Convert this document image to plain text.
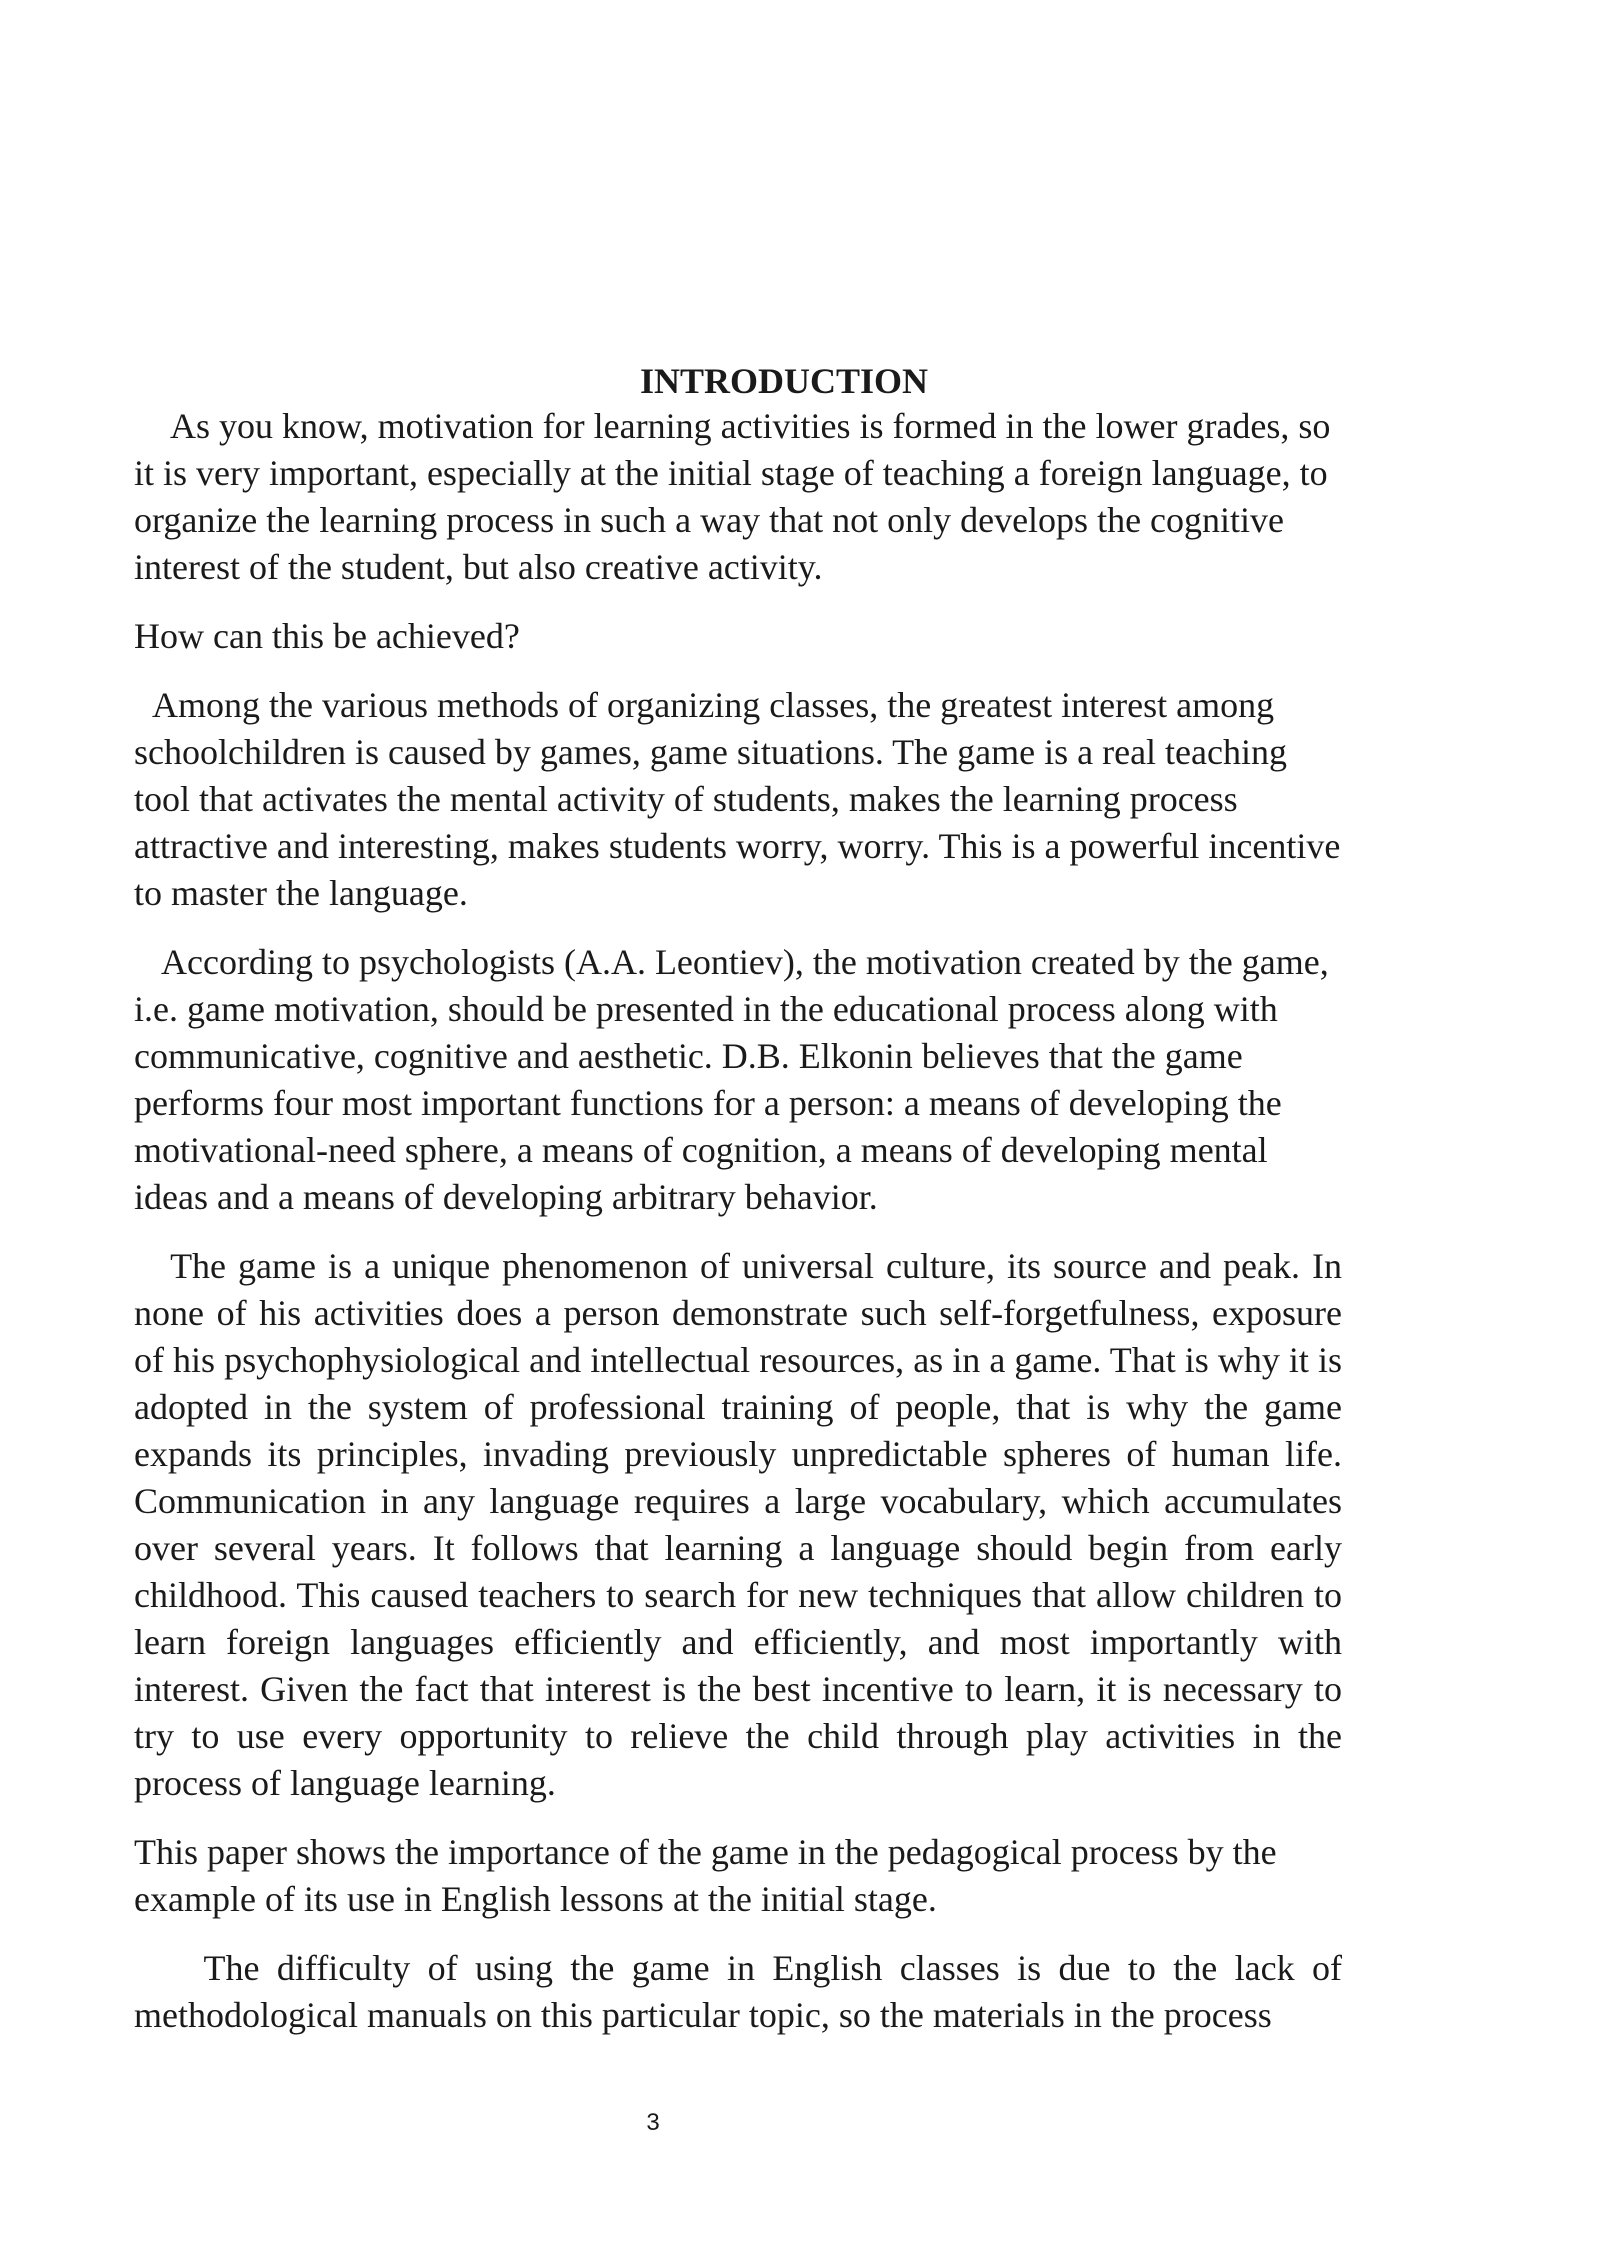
INTRODUCTION

As you know, motivation for learning activities is formed in the lower grades, so it is very important, especially at the initial stage of teaching a foreign language, to organize the learning process in such a way that not only develops the cognitive interest of the student, but also creative activity.

How can this be achieved?

Among the various methods of organizing classes, the greatest interest among schoolchildren is caused by games, game situations. The game is a real teaching tool that activates the mental activity of students, makes the learning process attractive and interesting, makes students worry, worry. This is a powerful incentive to master the language.

According to psychologists (A.A. Leontiev), the motivation created by the game, i.e. game motivation, should be presented in the educational process along with communicative, cognitive and aesthetic. D.B. Elkonin believes that the game performs four most important functions for a person: a means of developing the motivational-need sphere, a means of cognition, a means of developing mental ideas and a means of developing arbitrary behavior.

The game is a unique phenomenon of universal culture, its source and peak. In none of his activities does a person demonstrate such self-forgetfulness, exposure of his psychophysiological and intellectual resources, as in a game. That is why it is adopted in the system of professional training of people, that is why the game expands its principles, invading previously unpredictable spheres of human life. Communication in any language requires a large vocabulary, which accumulates over several years. It follows that learning a language should begin from early childhood. This caused teachers to search for new techniques that allow children to learn foreign languages efficiently and efficiently, and most importantly with interest. Given the fact that interest is the best incentive to learn, it is necessary to try to use every opportunity to relieve the child through play activities in the process of language learning.

This paper shows the importance of the game in the pedagogical process by the example of its use in English lessons at the initial stage.

The difficulty of using the game in English classes is due to the lack of methodological manuals on this particular topic, so the materials in the process

3
